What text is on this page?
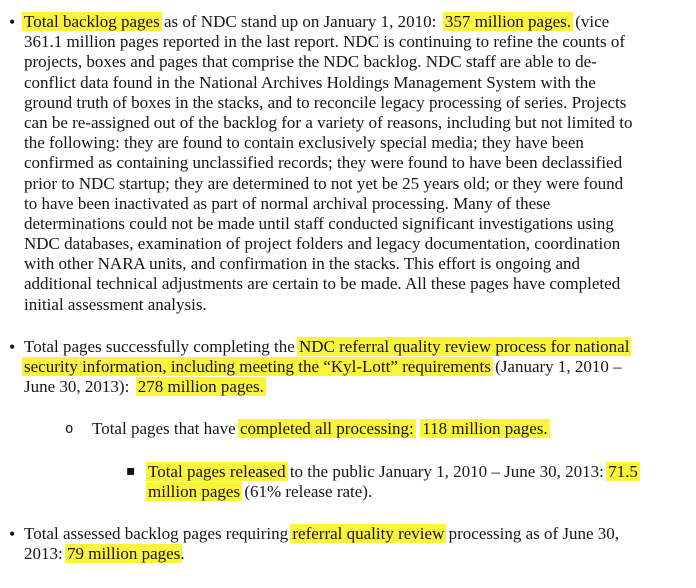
• Total backlog pages as of NDC stand up on January 1, 2010:  357 million pages. (vice
361.1 million pages reported in the last report. NDC is continuing to refine the counts of
projects, boxes and pages that comprise the NDC backlog. NDC staff are able to de-
conflict data found in the National Archives Holdings Management System with the
ground truth of boxes in the stacks, and to reconcile legacy processing of series. Projects
can be re-assigned out of the backlog for a variety of reasons, including but not limited to
the following: they are found to contain exclusively special media; they have been
confirmed as containing unclassified records; they were found to have been declassified
prior to NDC startup; they are determined to not yet be 25 years old; or they were found
to have been inactivated as part of normal archival processing. Many of these
determinations could not be made until staff conducted significant investigations using
NDC databases, examination of project folders and legacy documentation, coordination
with other NARA units, and confirmation in the stacks. This effort is ongoing and
additional technical adjustments are certain to be made. All these pages have completed
initial assessment analysis.
• Total pages successfully completing the NDC referral quality review process for national
security information, including meeting the “Kyl-Lott” requirements (January 1, 2010 –
June 30, 2013):  278 million pages.
o Total pages that have completed all processing: 118 million pages.
▪ Total pages released to the public January 1, 2010 – June 30, 2013: 71.5
million pages (61% release rate).
• Total assessed backlog pages requiring referral quality review processing as of June 30,
2013: 79 million pages.
